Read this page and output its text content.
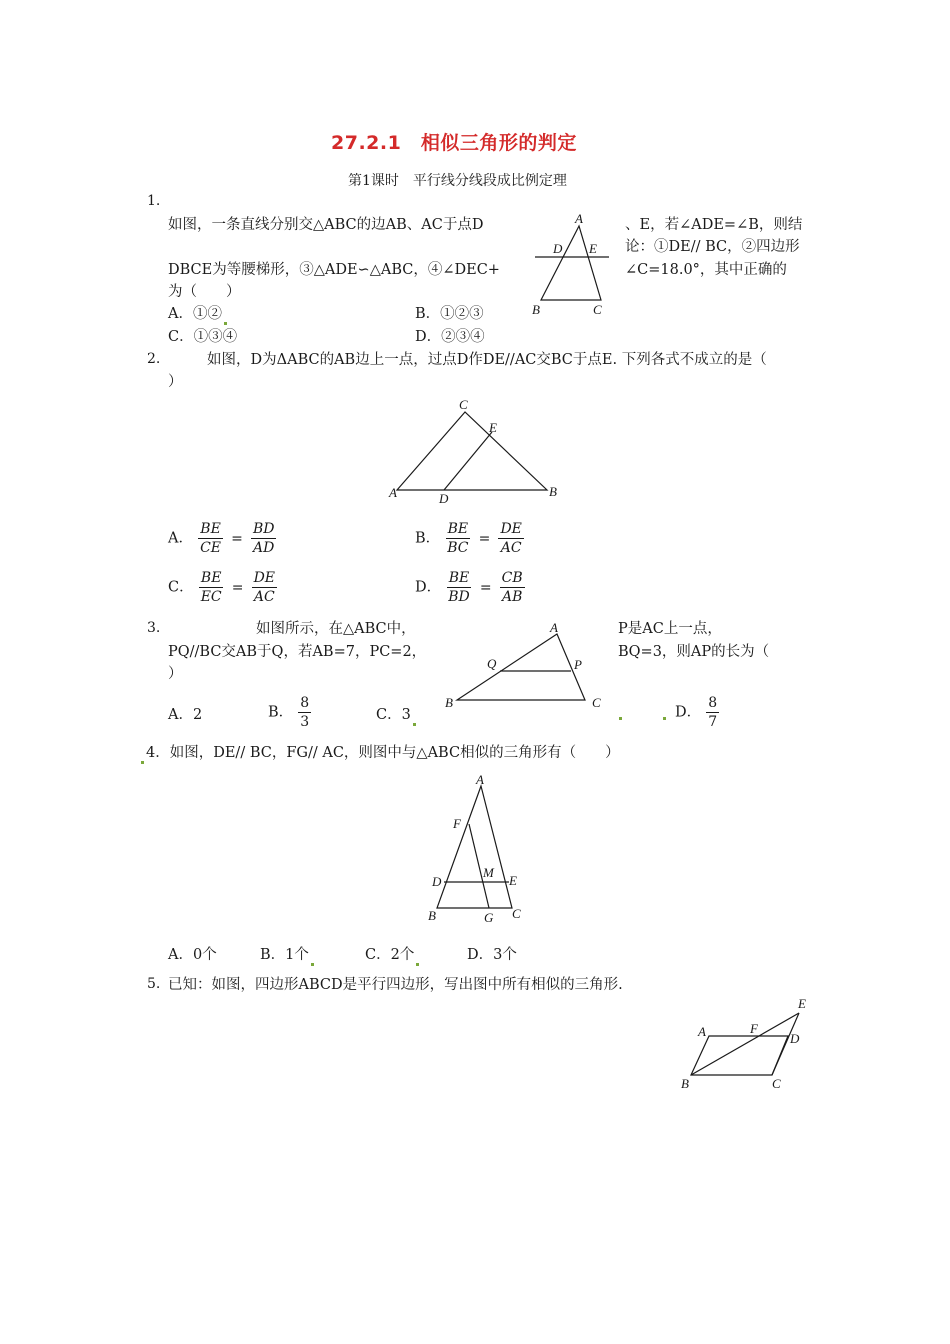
27.2.1　相似三角形的判定
第1课时　平行线分线段成比例定理
1.
如图，一条直线分别交△ABC的边AB、AC于点D	、E，若∠ADE=∠B，则结
论：①DE// BC，②四边形
DBCE为等腰梯形，③△ADE∽△ABC，④∠DEC+	∠C=18.0°，其中正确的
为（　　）
A．①②	B．①②③
C．①③④	D．②③④
A
D E
B	C
2.	如图，D为ΔABC的AB边上一点，过点D作DE//AC交BC于点E. 下列各式不成立的是（
）
C
E
A	D	B
A． $\frac{BE}{CE} = \frac{BD}{AD}$	B． $\frac{BE}{BC} = \frac{DE}{AC}$
C． $\frac{BE}{EC} = \frac{DE}{AC}$	D． $\frac{BE}{BD} = \frac{CB}{AB}$
3.	如图所示，在△ABC中，	P是AC上一点，
PQ//BC交AB于Q，若AB=7，PC=2，	BQ=3，则AP的长为（
）
A
Q	P
B	C
A．2	B． $\frac{8}{3}$	C．3	D． $\frac{8}{7}$
4．如图，DE// BC，FG// AC，则图中与△ABC相似的三角形有（　　）
A
F
D
M
E
B	G C
A．0个	B．1个	C．2个	D．3个
5. 已知：如图，四边形ABCD是平行四边形，写出图中所有相似的三角形.
E
A	F
D
B	C
